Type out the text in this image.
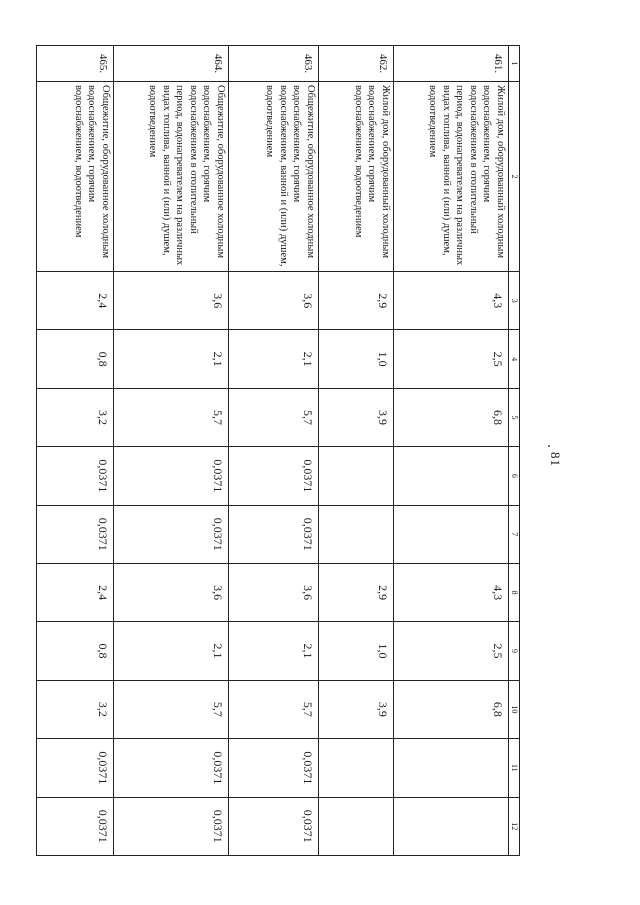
81
1	2	3	4	5	6	7	8	9	10	11	12
461.	Жилой дом, оборудованный холодным водоснабжением, горячим водоснабжением в отопительный период, водонагревателем на различных видах топлива, ванной и (или) душем, водоотведением	4,3	2,5	6,8			4,3	2,5	6,8		
462.	Жилой дом, оборудованный холодным водоснабжением, горячим водоснабжением, водоотведением	2,9	1,0	3,9			2,9	1,0	3,9		
463.	Общежитие, оборудованное холодным водоснабжением, горячим водоснабжением, ванной и (или) душем, водоотведением	3,6	2,1	5,7	0,0371	0,0371	3,6	2,1	5,7	0,0371	0,0371
464.	Общежитие, оборудованное холодным водоснабжением, горячим водоснабжением в отопительный период, водонагревателем на различных видах топлива, ванной и (или) душем, водоотведением	3,6	2,1	5,7	0,0371	0,0371	3,6	2,1	5,7	0,0371	0,0371
465.	Общежитие, оборудованное холодным водоснабжением, горячим водоснабжением, водоотведением	2,4	0,8	3,2	0,0371	0,0371	2,4	0,8	3,2	0,0371	0,0371
